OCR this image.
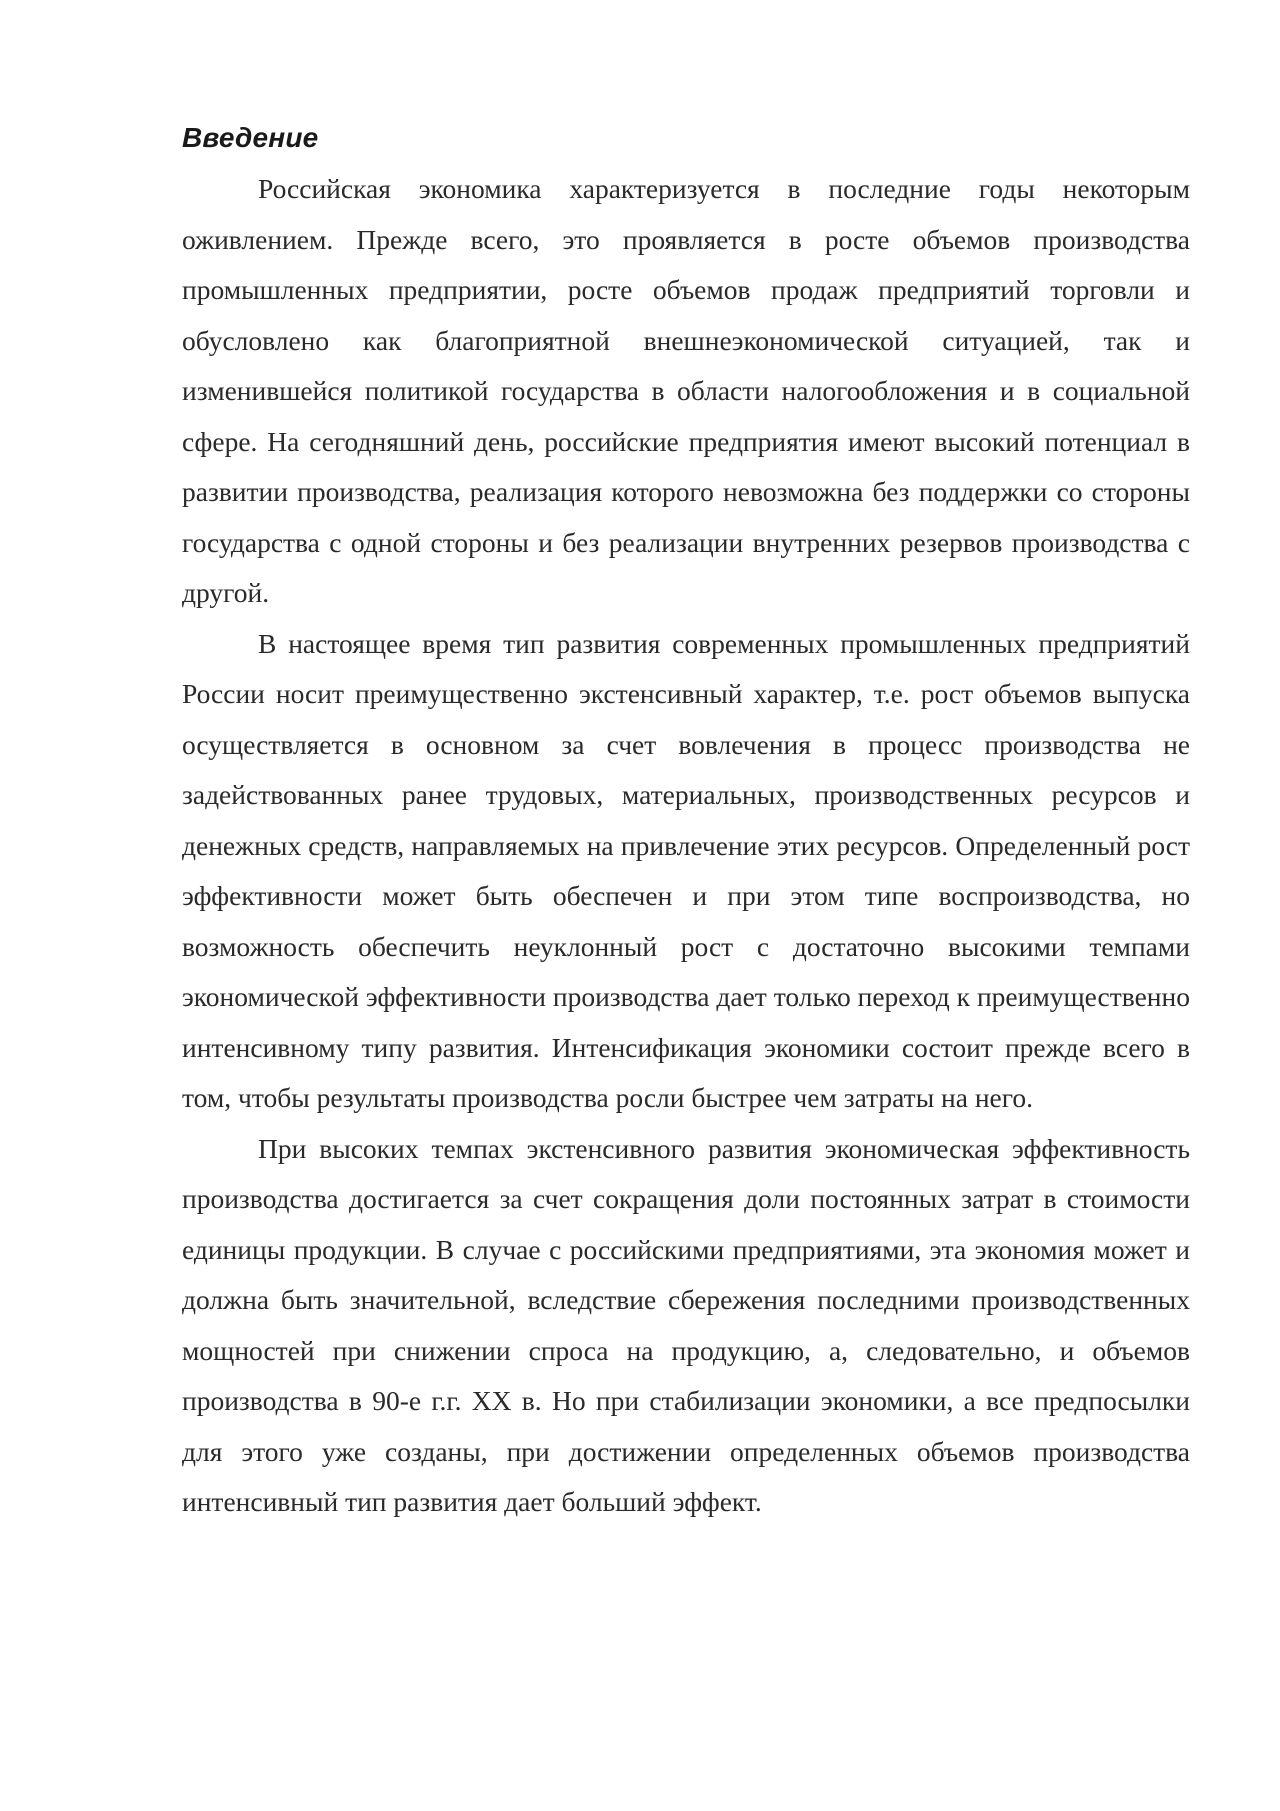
Введение

Российская экономика характеризуется в последние годы некоторым оживлением. Прежде всего, это проявляется в росте объемов производства промышленных предприятии, росте объемов продаж предприятий торговли и обусловлено как благоприятной внешнеэкономической ситуацией, так и изменившейся политикой государства в области налогообложения и в социальной сфере. На сегодняшний день, российские предприятия имеют высокий потенциал в развитии производства, реализация которого невозможна без поддержки со стороны государства с одной стороны и без реализации внутренних резервов производства с другой.

В настоящее время тип развития современных промышленных предприятий России носит преимущественно экстенсивный характер, т.е. рост объемов выпуска осуществляется в основном за счет вовлечения в процесс производства не задействованных ранее трудовых, материальных, производственных ресурсов и денежных средств, направляемых на привлечение этих ресурсов. Определенный рост эффективности может быть обеспечен и при этом типе воспроизводства, но возможность обеспечить неуклонный рост с достаточно высокими темпами экономической эффективности производства дает только переход к преимущественно интенсивному типу развития. Интенсификация экономики состоит прежде всего в том, чтобы результаты производства росли быстрее чем затраты на него.

При высоких темпах экстенсивного развития экономическая эффективность производства достигается за счет сокращения доли постоянных затрат в стоимости единицы продукции. В случае с российскими предприятиями, эта экономия может и должна быть значительной, вследствие сбережения последними производственных мощностей при снижении спроса на продукцию, а, следовательно, и объемов производства в 90-е г.г. XX в. Но при стабилизации экономики, а все предпосылки для этого уже созданы, при достижении определенных объемов производства интенсивный тип развития дает больший эффект.
